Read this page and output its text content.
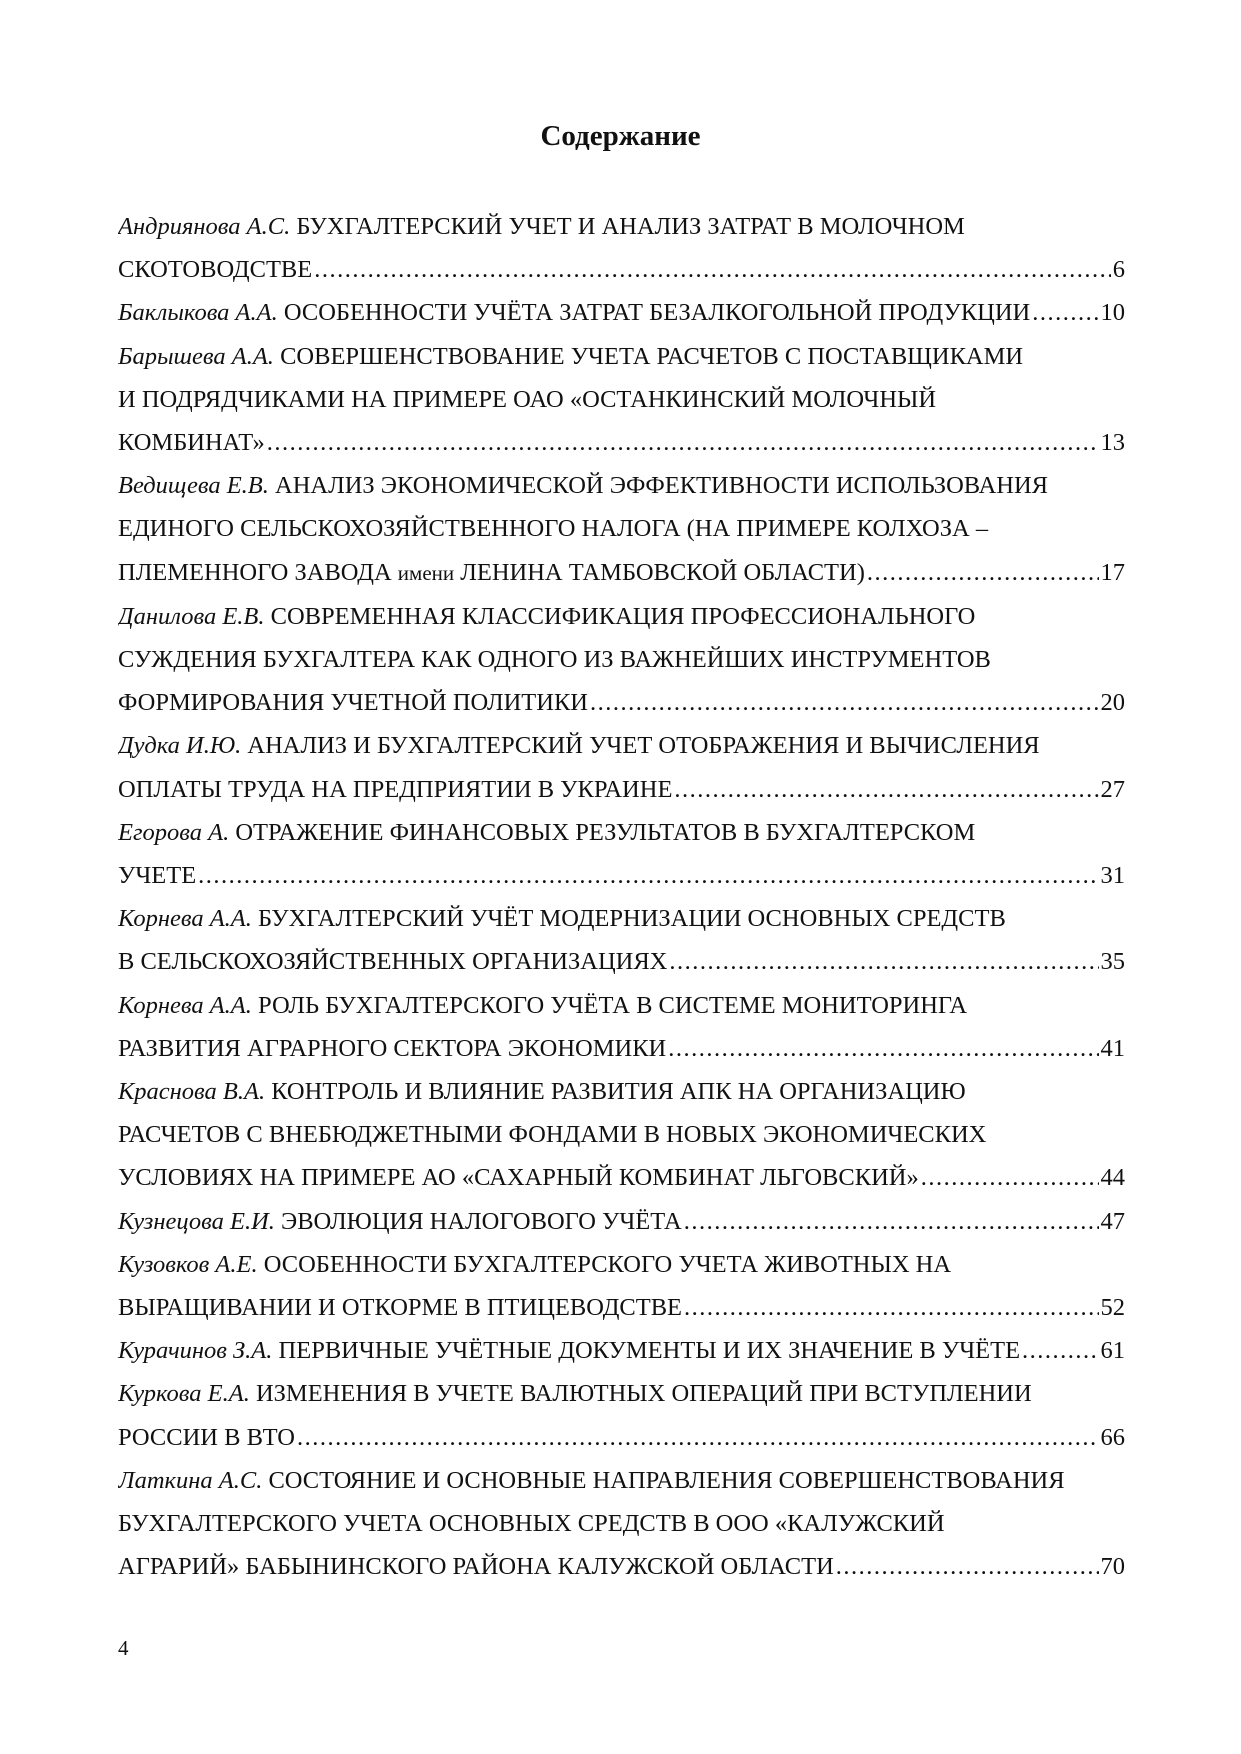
Содержание
Андриянова А.С. БУХГАЛТЕРСКИЙ УЧЕТ И АНАЛИЗ ЗАТРАТ В МОЛОЧНОМ
СКОТОВОДСТВЕ .....	6
Баклыкова А.А. ОСОБЕННОСТИ УЧЁТА ЗАТРАТ БЕЗАЛКОГОЛЬНОЙ ПРОДУКЦИИ .....	10
Барышева А.А. СОВЕРШЕНСТВОВАНИЕ УЧЕТА РАСЧЕТОВ С ПОСТАВЩИКАМИ
И ПОДРЯДЧИКАМИ НА ПРИМЕРЕ ОАО «ОСТАНКИНСКИЙ МОЛОЧНЫЙ
КОМБИНАТ» .....	13
Ведищева Е.В. АНАЛИЗ ЭКОНОМИЧЕСКОЙ ЭФФЕКТИВНОСТИ ИСПОЛЬЗОВАНИЯ
ЕДИНОГО СЕЛЬСКОХОЗЯЙСТВЕННОГО НАЛОГА (НА ПРИМЕРЕ КОЛХОЗА –
ПЛЕМЕННОГО ЗАВОДА имени ЛЕНИНА ТАМБОВСКОЙ ОБЛАСТИ) .....	17
Данилова Е.В. СОВРЕМЕННАЯ КЛАССИФИКАЦИЯ ПРОФЕССИОНАЛЬНОГО
СУЖДЕНИЯ БУХГАЛТЕРА КАК ОДНОГО ИЗ ВАЖНЕЙШИХ ИНСТРУМЕНТОВ
ФОРМИРОВАНИЯ УЧЕТНОЙ ПОЛИТИКИ .....	20
Дудка И.Ю. АНАЛИЗ И БУХГАЛТЕРСКИЙ УЧЕТ ОТОБРАЖЕНИЯ И ВЫЧИСЛЕНИЯ
ОПЛАТЫ ТРУДА НА ПРЕДПРИЯТИИ В УКРАИНЕ .....	27
Егорова А. ОТРАЖЕНИЕ ФИНАНСОВЫХ РЕЗУЛЬТАТОВ В БУХГАЛТЕРСКОМ
УЧЕТЕ .....	31
Корнева А.А. БУХГАЛТЕРСКИЙ УЧЁТ МОДЕРНИЗАЦИИ ОСНОВНЫХ СРЕДСТВ
В СЕЛЬСКОХОЗЯЙСТВЕННЫХ ОРГАНИЗАЦИЯХ .....	35
Корнева А.А. РОЛЬ БУХГАЛТЕРСКОГО УЧЁТА В СИСТЕМЕ МОНИТОРИНГА
РАЗВИТИЯ АГРАРНОГО СЕКТОРА ЭКОНОМИКИ .....	41
Краснова В.А. КОНТРОЛЬ И ВЛИЯНИЕ РАЗВИТИЯ АПК НА ОРГАНИЗАЦИЮ
РАСЧЕТОВ С ВНЕБЮДЖЕТНЫМИ ФОНДАМИ В НОВЫХ ЭКОНОМИЧЕСКИХ
УСЛОВИЯХ НА ПРИМЕРЕ АО «САХАРНЫЙ КОМБИНАТ ЛЬГОВСКИЙ» .....	44
Кузнецова Е.И. ЭВОЛЮЦИЯ НАЛОГОВОГО УЧЁТА .....	47
Кузовков А.Е. ОСОБЕННОСТИ БУХГАЛТЕРСКОГО УЧЕТА ЖИВОТНЫХ НА
ВЫРАЩИВАНИИ И ОТКОРМЕ В ПТИЦЕВОДСТВЕ .....	52
Курачинов З.А. ПЕРВИЧНЫЕ УЧЁТНЫЕ ДОКУМЕНТЫ И ИХ ЗНАЧЕНИЕ В УЧЁТЕ .....	61
Куркова Е.А. ИЗМЕНЕНИЯ В УЧЕТЕ ВАЛЮТНЫХ ОПЕРАЦИЙ ПРИ ВСТУПЛЕНИИ
РОССИИ В ВТО .....	66
Латкина А.С. СОСТОЯНИЕ И ОСНОВНЫЕ НАПРАВЛЕНИЯ СОВЕРШЕНСТВОВАНИЯ
БУХГАЛТЕРСКОГО УЧЕТА ОСНОВНЫХ СРЕДСТВ В ООО «КАЛУЖСКИЙ
АГРАРИЙ» БАБЫНИНСКОГО РАЙОНА КАЛУЖСКОЙ ОБЛАСТИ .....	70
4
